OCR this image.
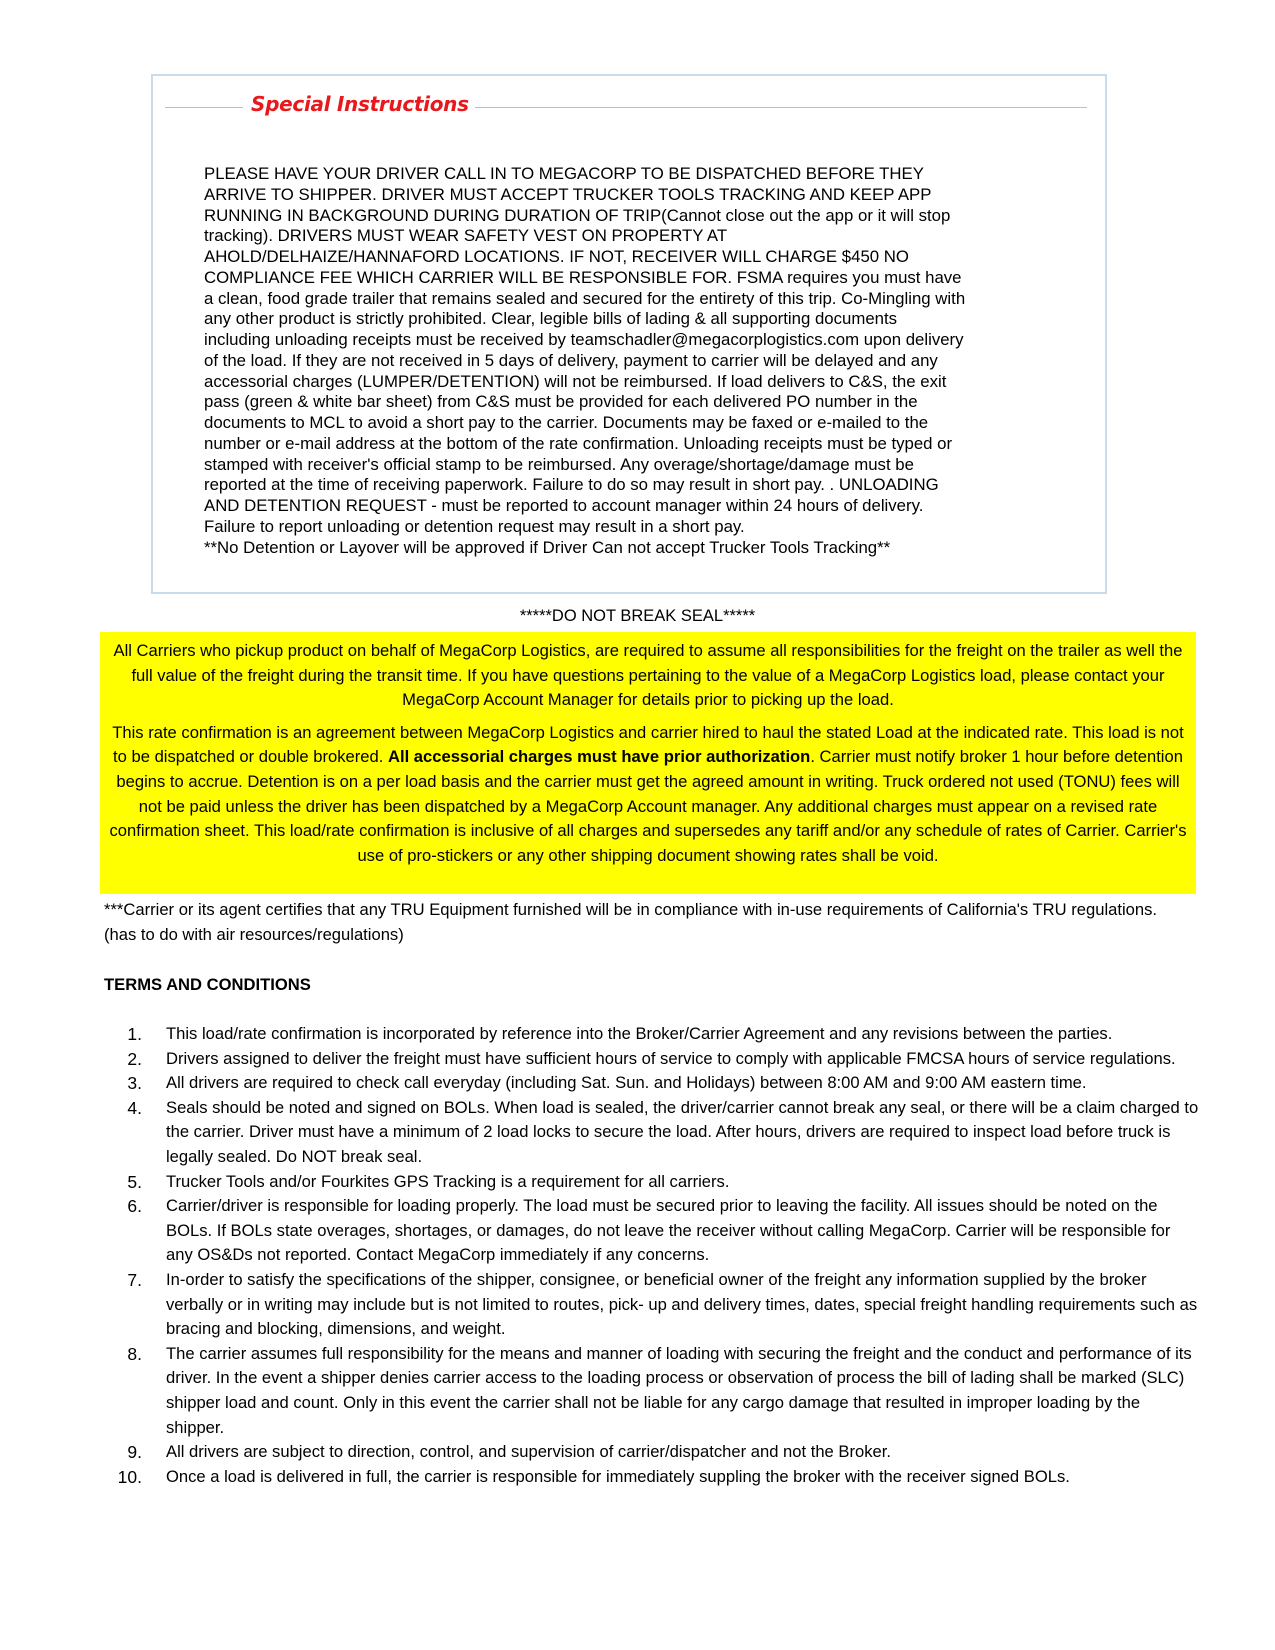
Special Instructions

PLEASE HAVE YOUR DRIVER CALL IN TO MEGACORP TO BE DISPATCHED BEFORE THEY
ARRIVE TO SHIPPER. DRIVER MUST ACCEPT TRUCKER TOOLS TRACKING AND KEEP APP
RUNNING IN BACKGROUND DURING DURATION OF TRIP(Cannot close out the app or it will stop
tracking). DRIVERS MUST WEAR SAFETY VEST ON PROPERTY AT
AHOLD/DELHAIZE/HANNAFORD LOCATIONS. IF NOT, RECEIVER WILL CHARGE $450 NO
COMPLIANCE FEE WHICH CARRIER WILL BE RESPONSIBLE FOR. FSMA requires you must have
a clean, food grade trailer that remains sealed and secured for the entirety of this trip. Co-Mingling with
any other product is strictly prohibited. Clear, legible bills of lading & all supporting documents
including unloading receipts must be received by teamschadler@megacorplogistics.com upon delivery
of the load. If they are not received in 5 days of delivery, payment to carrier will be delayed and any
accessorial charges (LUMPER/DETENTION) will not be reimbursed. If load delivers to C&S, the exit
pass (green & white bar sheet) from C&S must be provided for each delivered PO number in the
documents to MCL to avoid a short pay to the carrier. Documents may be faxed or e-mailed to the
number or e-mail address at the bottom of the rate confirmation. Unloading receipts must be typed or
stamped with receiver's official stamp to be reimbursed. Any overage/shortage/damage must be
reported at the time of receiving paperwork. Failure to do so may result in short pay. . UNLOADING
AND DETENTION REQUEST - must be reported to account manager within 24 hours of delivery.
Failure to report unloading or detention request may result in a short pay.
**No Detention or Layover will be approved if Driver Can not accept Trucker Tools Tracking**

*****DO NOT BREAK SEAL*****

All Carriers who pickup product on behalf of MegaCorp Logistics, are required to assume all responsibilities for the freight on the trailer as well the full value of the freight during the transit time. If you have questions pertaining to the value of a MegaCorp Logistics load, please contact your MegaCorp Account Manager for details prior to picking up the load.

This rate confirmation is an agreement between MegaCorp Logistics and carrier hired to haul the stated Load at the indicated rate. This load is not to be dispatched or double brokered. All accessorial charges must have prior authorization. Carrier must notify broker 1 hour before detention begins to accrue. Detention is on a per load basis and the carrier must get the agreed amount in writing. Truck ordered not used (TONU) fees will not be paid unless the driver has been dispatched by a MegaCorp Account manager. Any additional charges must appear on a revised rate confirmation sheet. This load/rate confirmation is inclusive of all charges and supersedes any tariff and/or any schedule of rates of Carrier. Carrier's use of pro-stickers or any other shipping document showing rates shall be void.

***Carrier or its agent certifies that any TRU Equipment furnished will be in compliance with in-use requirements of California's TRU regulations. (has to do with air resources/regulations)
TERMS AND CONDITIONS
1. This load/rate confirmation is incorporated by reference into the Broker/Carrier Agreement and any revisions between the parties.
2. Drivers assigned to deliver the freight must have sufficient hours of service to comply with applicable FMCSA hours of service regulations.
3. All drivers are required to check call everyday (including Sat. Sun. and Holidays) between 8:00 AM and 9:00 AM eastern time.
4. Seals should be noted and signed on BOLs. When load is sealed, the driver/carrier cannot break any seal, or there will be a claim charged to the carrier. Driver must have a minimum of 2 load locks to secure the load. After hours, drivers are required to inspect load before truck is legally sealed. Do NOT break seal.
5. Trucker Tools and/or Fourkites GPS Tracking is a requirement for all carriers.
6. Carrier/driver is responsible for loading properly. The load must be secured prior to leaving the facility. All issues should be noted on the BOLs. If BOLs state overages, shortages, or damages, do not leave the receiver without calling MegaCorp. Carrier will be responsible for any OS&Ds not reported. Contact MegaCorp immediately if any concerns.
7. In-order to satisfy the specifications of the shipper, consignee, or beneficial owner of the freight any information supplied by the broker verbally or in writing may include but is not limited to routes, pick- up and delivery times, dates, special freight handling requirements such as bracing and blocking, dimensions, and weight.
8. The carrier assumes full responsibility for the means and manner of loading with securing the freight and the conduct and performance of its driver. In the event a shipper denies carrier access to the loading process or observation of process the bill of lading shall be marked (SLC) shipper load and count. Only in this event the carrier shall not be liable for any cargo damage that resulted in improper loading by the shipper.
9. All drivers are subject to direction, control, and supervision of carrier/dispatcher and not the Broker.
10. Once a load is delivered in full, the carrier is responsible for immediately suppling the broker with the receiver signed BOLs.
